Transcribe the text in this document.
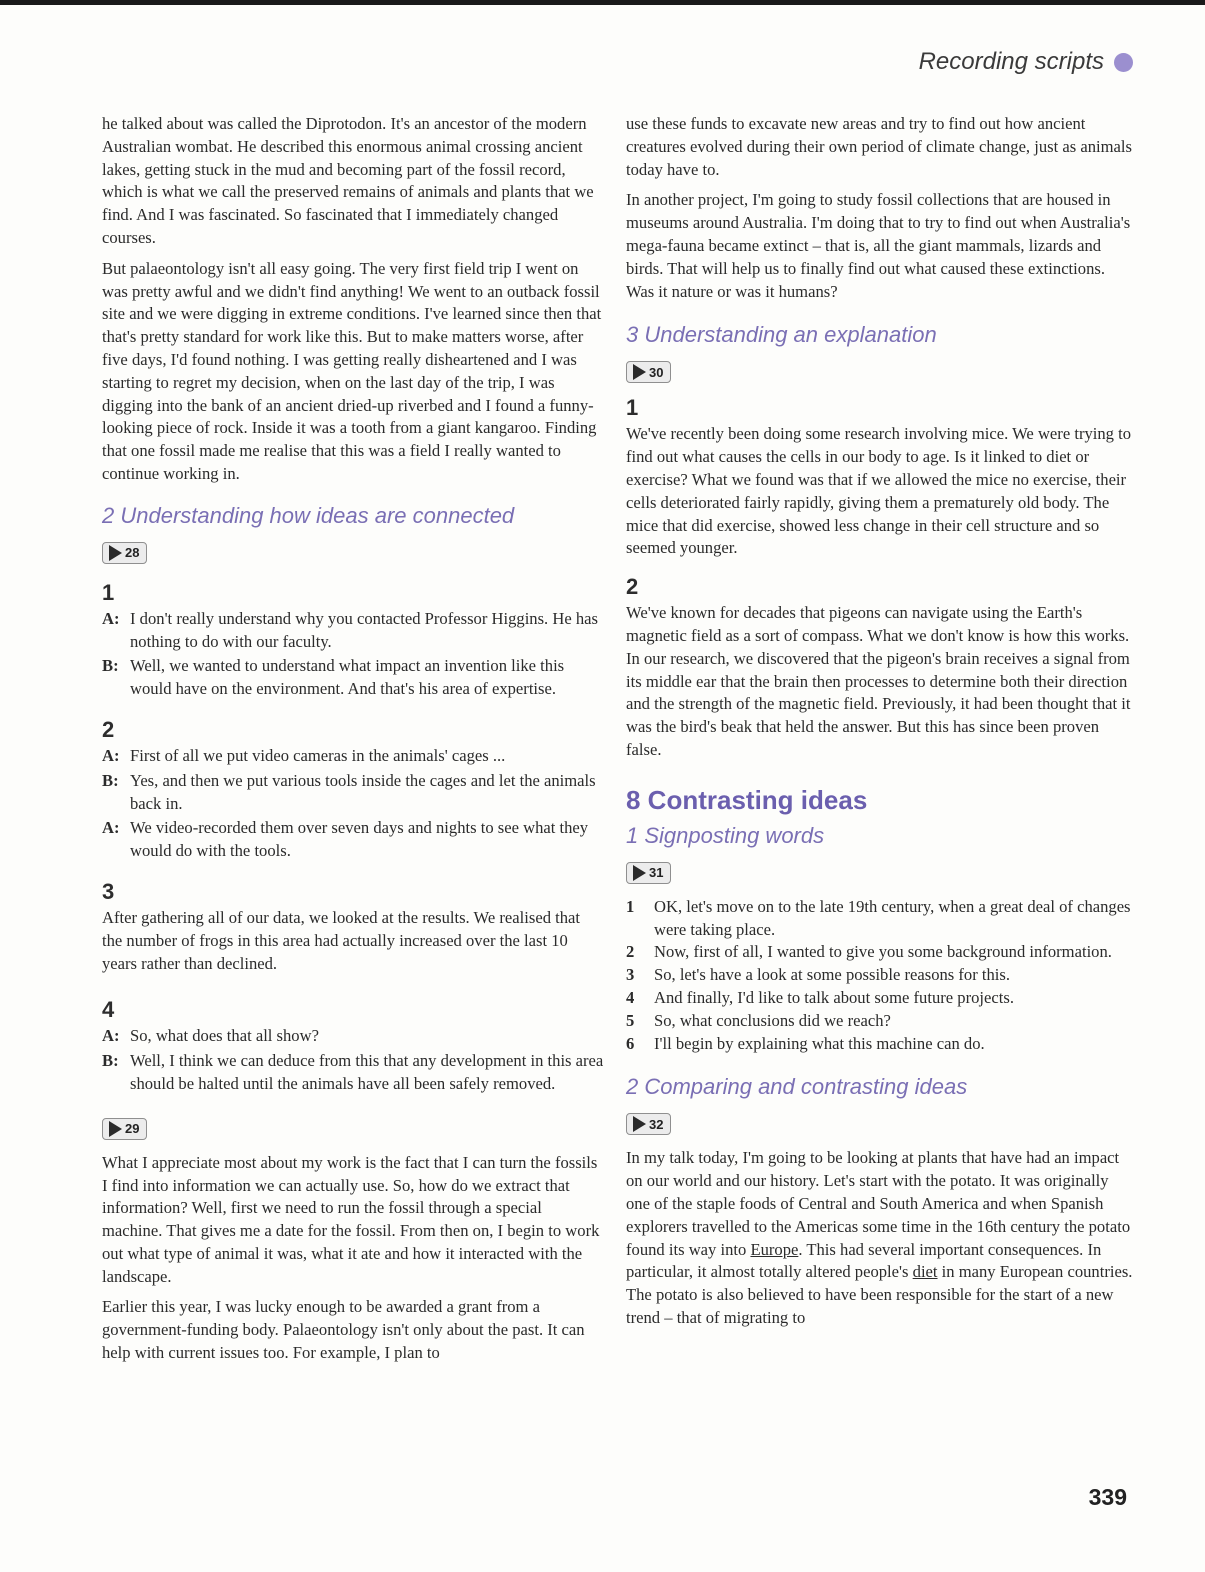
Recording scripts

he talked about was called the Diprotodon. It's an ancestor of the modern Australian wombat. He described this enormous animal crossing ancient lakes, getting stuck in the mud and becoming part of the fossil record, which is what we call the preserved remains of animals and plants that we find. And I was fascinated. So fascinated that I immediately changed courses.

But palaeontology isn't all easy going. The very first field trip I went on was pretty awful and we didn't find anything! We went to an outback fossil site and we were digging in extreme conditions. I've learned since then that that's pretty standard for work like this. But to make matters worse, after five days, I'd found nothing. I was getting really disheartened and I was starting to regret my decision, when on the last day of the trip, I was digging into the bank of an ancient dried-up riverbed and I found a funny-looking piece of rock. Inside it was a tooth from a giant kangaroo. Finding that one fossil made me realise that this was a field I really wanted to continue working in.

2 Understanding how ideas are connected
28
1
A: I don't really understand why you contacted Professor Higgins. He has nothing to do with our faculty.
B: Well, we wanted to understand what impact an invention like this would have on the environment. And that's his area of expertise.
2
A: First of all we put video cameras in the animals' cages ...
B: Yes, and then we put various tools inside the cages and let the animals back in.
A: We video-recorded them over seven days and nights to see what they would do with the tools.
3

After gathering all of our data, we looked at the results. We realised that the number of frogs in this area had actually increased over the last 10 years rather than declined.

4
A: So, what does that all show?
B: Well, I think we can deduce from this that any development in this area should be halted until the animals have all been safely removed.
29

What I appreciate most about my work is the fact that I can turn the fossils I find into information we can actually use. So, how do we extract that information? Well, first we need to run the fossil through a special machine. That gives me a date for the fossil. From then on, I begin to work out what type of animal it was, what it ate and how it interacted with the landscape.

Earlier this year, I was lucky enough to be awarded a grant from a government-funding body. Palaeontology isn't only about the past. It can help with current issues too. For example, I plan to

use these funds to excavate new areas and try to find out how ancient creatures evolved during their own period of climate change, just as animals today have to.

In another project, I'm going to study fossil collections that are housed in museums around Australia. I'm doing that to try to find out when Australia's mega-fauna became extinct – that is, all the giant mammals, lizards and birds. That will help us to finally find out what caused these extinctions. Was it nature or was it humans?

3 Understanding an explanation
30
1

We've recently been doing some research involving mice. We were trying to find out what causes the cells in our body to age. Is it linked to diet or exercise? What we found was that if we allowed the mice no exercise, their cells deteriorated fairly rapidly, giving them a prematurely old body. The mice that did exercise, showed less change in their cell structure and so seemed younger.

2

We've known for decades that pigeons can navigate using the Earth's magnetic field as a sort of compass. What we don't know is how this works. In our research, we discovered that the pigeon's brain receives a signal from its middle ear that the brain then processes to determine both their direction and the strength of the magnetic field. Previously, it had been thought that it was the bird's beak that held the answer. But this has since been proven false.

8 Contrasting ideas
1 Signposting words
31
1	OK, let's move on to the late 19th century, when a great deal of changes were taking place.
2	Now, first of all, I wanted to give you some background information.
3	So, let's have a look at some possible reasons for this.
4	And finally, I'd like to talk about some future projects.
5	So, what conclusions did we reach?
6	I'll begin by explaining what this machine can do.
2 Comparing and contrasting ideas
32

In my talk today, I'm going to be looking at plants that have had an impact on our world and our history. Let's start with the potato. It was originally one of the staple foods of Central and South America and when Spanish explorers travelled to the Americas some time in the 16th century the potato found its way into Europe. This had several important consequences. In particular, it almost totally altered people's diet in many European countries. The potato is also believed to have been responsible for the start of a new trend – that of migrating to

339
